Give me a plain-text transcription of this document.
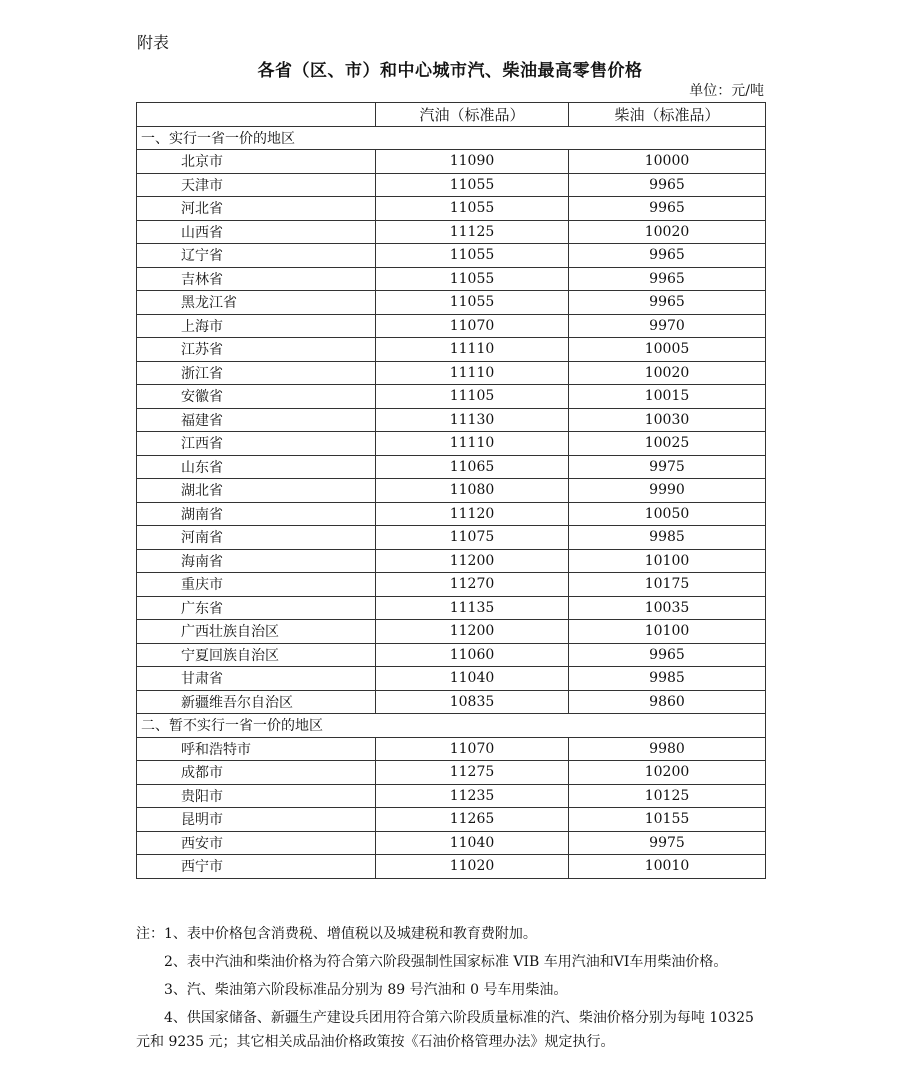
附表
各省（区、市）和中心城市汽、柴油最高零售价格
单位：元/吨
	汽油（标准品）	柴油（标准品）
一、实行一省一价的地区		
北京市	11090	10000
天津市	11055	9965
河北省	11055	9965
山西省	11125	10020
辽宁省	11055	9965
吉林省	11055	9965
黑龙江省	11055	9965
上海市	11070	9970
江苏省	11110	10005
浙江省	11110	10020
安徽省	11105	10015
福建省	11130	10030
江西省	11110	10025
山东省	11065	9975
湖北省	11080	9990
湖南省	11120	10050
河南省	11075	9985
海南省	11200	10100
重庆市	11270	10175
广东省	11135	10035
广西壮族自治区	11200	10100
宁夏回族自治区	11060	9965
甘肃省	11040	9985
新疆维吾尔自治区	10835	9860
二、暂不实行一省一价的地区		
呼和浩特市	11070	9980
成都市	11275	10200
贵阳市	11235	10125
昆明市	11265	10155
西安市	11040	9975
西宁市	11020	10010

注：1、表中价格包含消费税、增值税以及城建税和教育费附加。

2、表中汽油和柴油价格为符合第六阶段强制性国家标准 VIB 车用汽油和VI车用柴油价格。

3、汽、柴油第六阶段标准品分别为 89 号汽油和 0 号车用柴油。

4、供国家储备、新疆生产建设兵团用符合第六阶段质量标准的汽、柴油价格分别为每吨 10325 元和 9235 元；其它相关成品油价格政策按《石油价格管理办法》规定执行。
